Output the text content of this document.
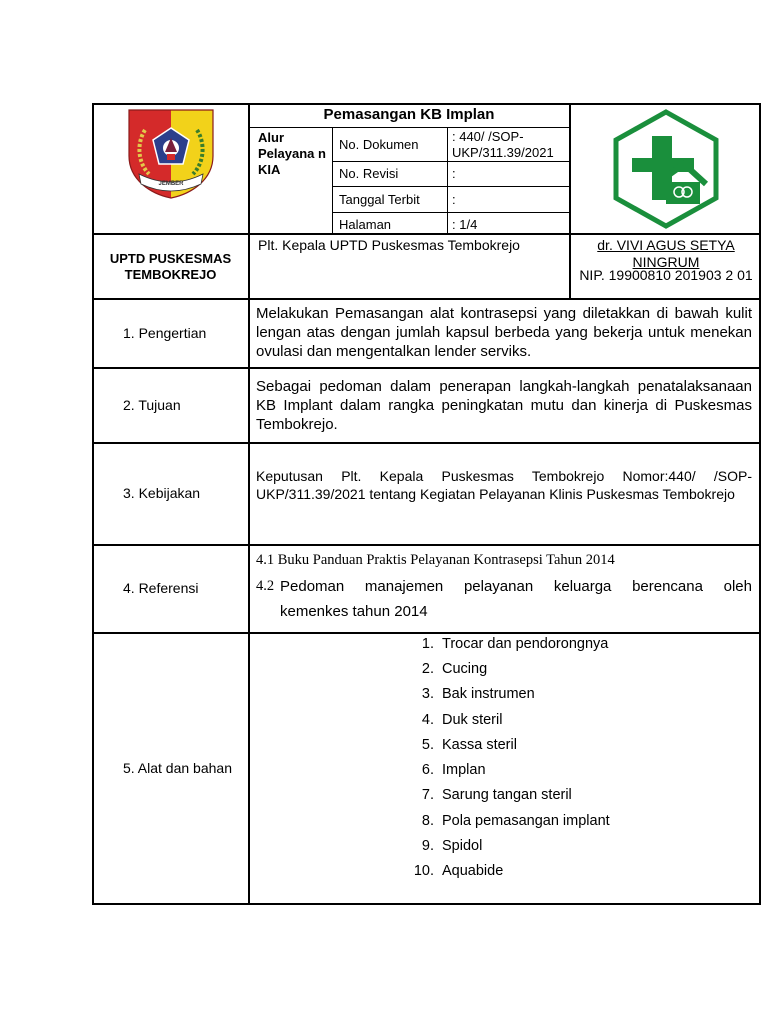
JEMBER
Pemasangan KB Implan
Alur Pelayana n KIA
No. Dokumen
: 440/ /SOP-UKP/311.39/2021
No. Revisi	:
Tanggal Terbit	:
Halaman	: 1/4
UPTD PUSKESMAS TEMBOKREJO
Plt. Kepala UPTD Puskesmas Tembokrejo	dr. VIVI AGUS SETYA NINGRUM
NIP. 19900810 201903 2 01
1. Pengertian
Melakukan Pemasangan alat kontrasepsi yang diletakkan di bawah kulit lengan atas dengan jumlah kapsul berbeda yang bekerja untuk menekan ovulasi dan mengentalkan lender serviks.
2. Tujuan
Sebagai pedoman dalam penerapan langkah-langkah penatalaksanaan KB Implant dalam rangka peningkatan mutu dan kinerja di Puskesmas Tembokrejo.
3. Kebijakan
Keputusan Plt. Kepala Puskesmas Tembokrejo Nomor:440/ /SOP-UKP/311.39/2021 tentang Kegiatan Pelayanan Klinis Puskesmas Tembokrejo
4. Referensi
4.1 Buku Panduan Praktis Pelayanan Kontrasepsi Tahun 2014
4.2 Pedoman manajemen pelayanan keluarga berencana oleh
kemenkes tahun 2014
5. Alat dan bahan
1. Trocar dan pendorongnya
2. Cucing
3. Bak instrumen
4. Duk steril
5. Kassa steril
6. Implan
7. Sarung tangan steril
8. Pola pemasangan implant
9. Spidol
10. Aquabide
